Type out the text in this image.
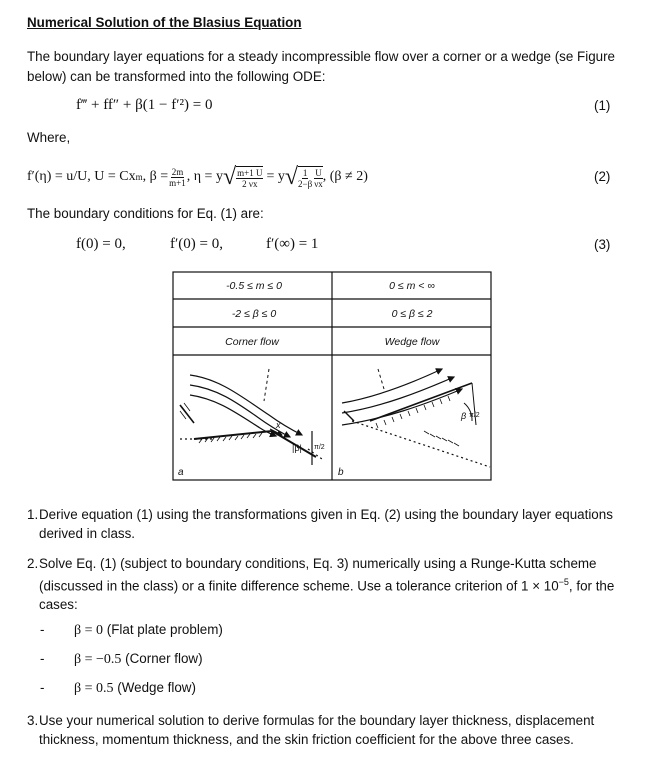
Numerical Solution of the Blasius Equation
The boundary layer equations for a steady incompressible flow over a corner or a wedge (se Figure below) can be transformed into the following ODE:
f‴ + ff″ + β(1 − f′²) = 0	(1)
Where,
f′(η) = u/U, U = Cx m , $\beta = \frac{2m}{m+1}$ , η = y √ $\frac{m+1 U}{2 \nu x} = y$ √ $\frac{1}{2-\beta} \frac{U}{\nu x}$ , (β ≠ 2)	(2)
The boundary conditions for Eq. (1) are:
f(0) = 0,	f′(0) = 0,	f′(∞) = 1	(3)
-0.5 ≤ m ≤ 0	0 ≤ m < ∞
-2 ≤ β ≤ 0	0 ≤ β ≤ 2
Corner flow	Wedge flow
x
|β| π/2
a
β π/2
b
1. Derive equation (1) using the transformations given in Eq. (2) using the boundary layer equations derived in class.
2. Solve Eq. (1) (subject to boundary conditions, Eq. 3) numerically using a Runge-Kutta scheme (discussed in the class) or a finite difference scheme. Use a tolerance criterion of $1 \times 10^{-5}$, for the cases:
- β = 0 (Flat plate problem)
- β = −0.5 (Corner flow)
- β = 0.5 (Wedge flow)
3. Use your numerical solution to derive formulas for the boundary layer thickness, displacement thickness, momentum thickness, and the skin friction coefficient for the above three cases.
